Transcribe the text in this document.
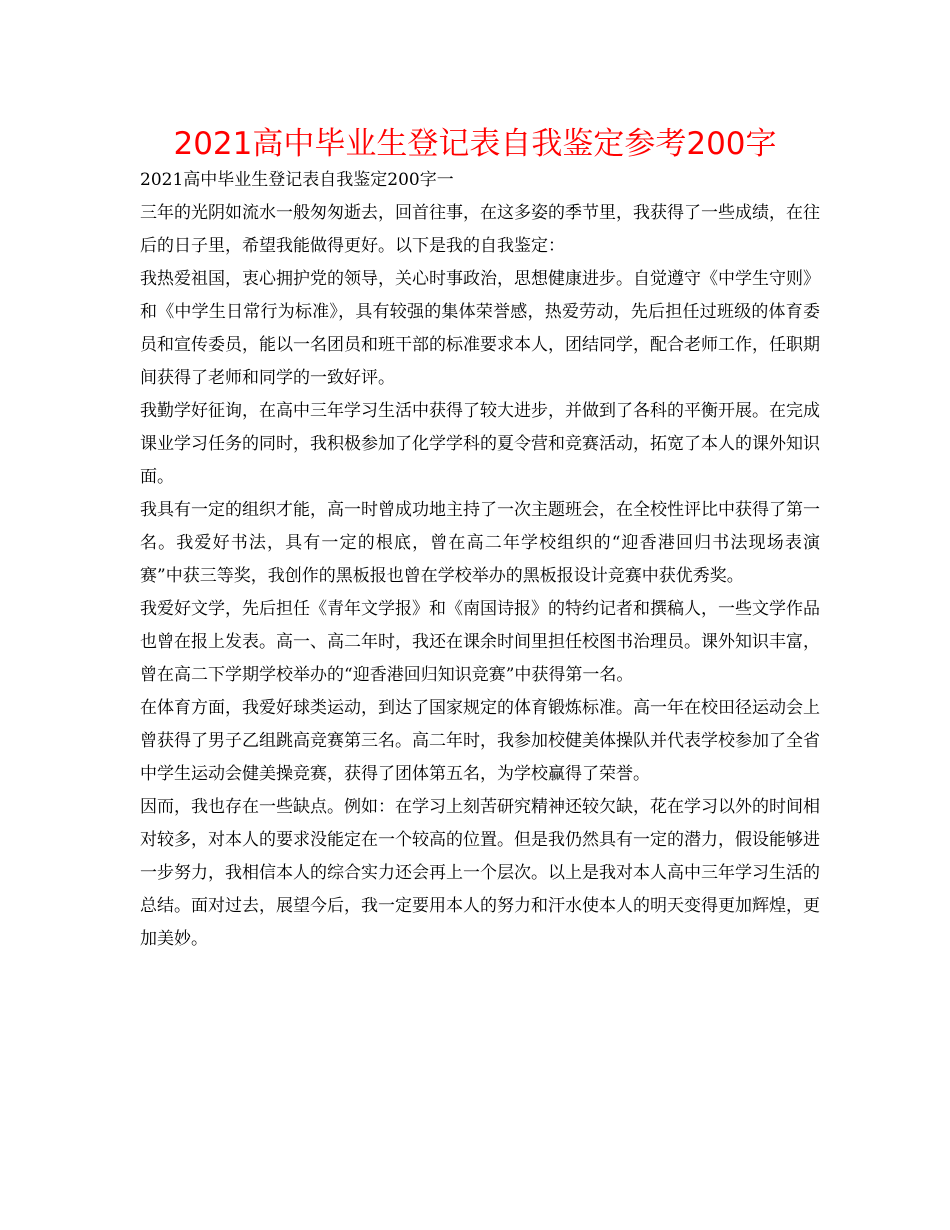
2021高中毕业生登记表自我鉴定参考200字

2021高中毕业生登记表自我鉴定200字一

三年的光阴如流水一般匆匆逝去，回首往事，在这多姿的季节里，我获得了一些成绩，在往后的日子里，希望我能做得更好。以下是我的自我鉴定：

我热爱祖国，衷心拥护党的领导，关心时事政治，思想健康进步。自觉遵守《中学生守则》和《中学生日常行为标准》，具有较强的集体荣誉感，热爱劳动，先后担任过班级的体育委员和宣传委员，能以一名团员和班干部的标准要求本人，团结同学，配合老师工作，任职期间获得了老师和同学的一致好评。

我勤学好征询，在高中三年学习生活中获得了较大进步，并做到了各科的平衡开展。在完成课业学习任务的同时，我积极参加了化学学科的夏令营和竞赛活动，拓宽了本人的课外知识面。

我具有一定的组织才能，高一时曾成功地主持了一次主题班会，在全校性评比中获得了第一名。我爱好书法，具有一定的根底，曾在高二年学校组织的“迎香港回归书法现场表演赛”中获三等奖，我创作的黑板报也曾在学校举办的黑板报设计竞赛中获优秀奖。

我爱好文学，先后担任《青年文学报》和《南国诗报》的特约记者和撰稿人，一些文学作品也曾在报上发表。高一、高二年时，我还在课余时间里担任校图书治理员。课外知识丰富，曾在高二下学期学校举办的“迎香港回归知识竞赛”中获得第一名。

在体育方面，我爱好球类运动，到达了国家规定的体育锻炼标准。高一年在校田径运动会上曾获得了男子乙组跳高竞赛第三名。高二年时，我参加校健美体操队并代表学校参加了全省中学生运动会健美操竞赛，获得了团体第五名，为学校赢得了荣誉。

因而，我也存在一些缺点。例如：在学习上刻苦研究精神还较欠缺，花在学习以外的时间相对较多，对本人的要求没能定在一个较高的位置。但是我仍然具有一定的潜力，假设能够进一步努力，我相信本人的综合实力还会再上一个层次。以上是我对本人高中三年学习生活的总结。面对过去，展望今后，我一定要用本人的努力和汗水使本人的明天变得更加辉煌，更加美妙。
